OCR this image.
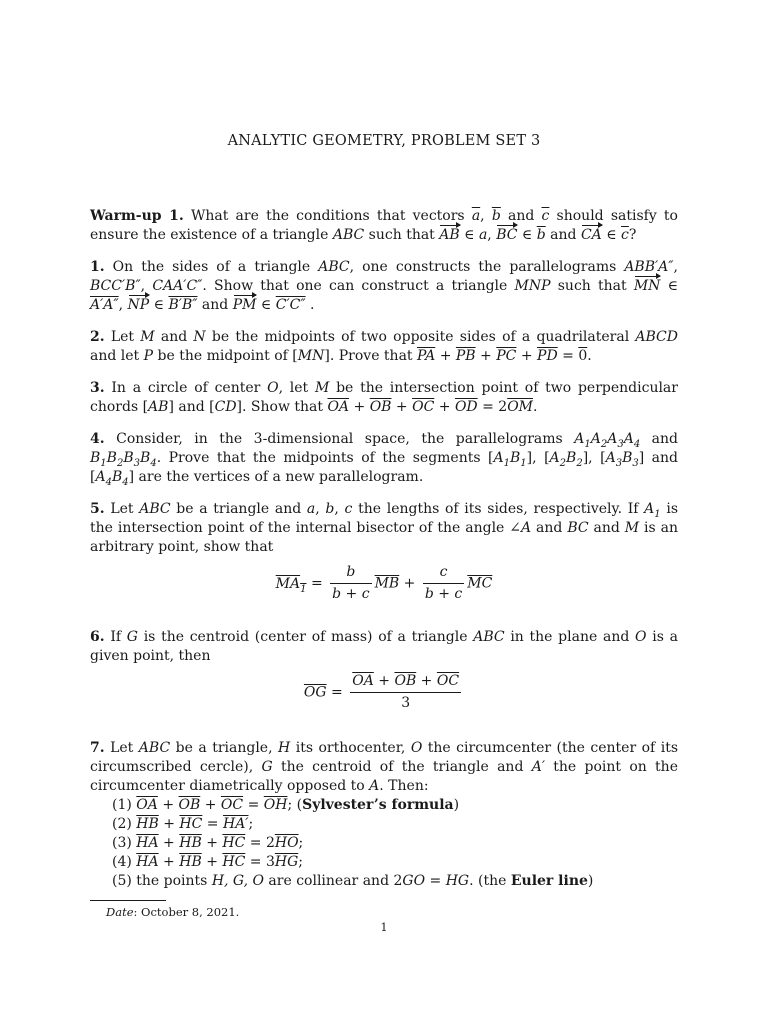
ANALYTIC GEOMETRY, PROBLEM SET 3

Warm-up 1. What are the conditions that vectors $\overline{a}$, $\overline{b}$ and $\overline{c}$ should satisfy to ensure the existence of a triangle ABC such that AB ∈ a, BC ∈ $\overline{b}$ and CA ∈ $\overline{c}$?

1. On the sides of a triangle ABC, one constructs the parallelograms ABB′A″, BCC′B″, CAA′C″. Show that one can construct a triangle MNP such that MN ∈ A′A″, NP ∈ B′B″ and PM ∈ C′C″ .

2. Let M and N be the midpoints of two opposite sides of a quadrilateral ABCD and let P be the midpoint of [MN]. Prove that $\overline{PA} + \overline{PB} + \overline{PC} + \overline{PD} = 0$.

3. In a circle of center O, let M be the intersection point of two perpendicular chords [AB] and [CD]. Show that $\overline{OA} + \overline{OB} + \overline{OC} + \overline{OD} = 2\overline{OM}$.

4. Consider, in the 3-dimensional space, the parallelograms $A_1A_2A_3A_4$ and $B_1B_2B_3B_4$. Prove that the midpoints of the segments $[A_1B_1]$, $[A_2B_2]$, $[A_3B_3]$ and $[A_4B_4]$ are the vertices of a new parallelogram.

5. Let ABC be a triangle and a, b, c the lengths of its sides, respectively. If $A_1$ is the intersection point of the internal bisector of the angle ∠A and BC and M is an arbitrary point, show that
$MA_1 = \frac{b}{b + c} \overline{MB} + \frac{c}{b + c} \overline{MC}$
6. If G is the centroid (center of mass) of a triangle ABC in the plane and O is a given point, then
$\overline{OG} = \frac{\overline{OA} + \overline{OB} + \overline{OC}}{3}$
7. Let ABC be a triangle, H its orthocenter, O the circumcenter (the center of its circumscribed cercle), G the centroid of the triangle and A′ the point on the circumcenter diametrically opposed to A. Then:
(1) $\overline{OA} + \overline{OB} + \overline{OC} = \overline{OH}$; (Sylvester’s formula)
(2) $\overline{HB} + \overline{HC} = HA'$;
(3) $\overline{HA} + \overline{HB} + \overline{HC} = 2\overline{HO}$;
(4) $\overline{HA} + \overline{HB} + \overline{HC} = 3\overline{HG}$;
(5) the points H, G, O are collinear and 2GO = HG. (the Euler line)
Date: October 8, 2021.
1
